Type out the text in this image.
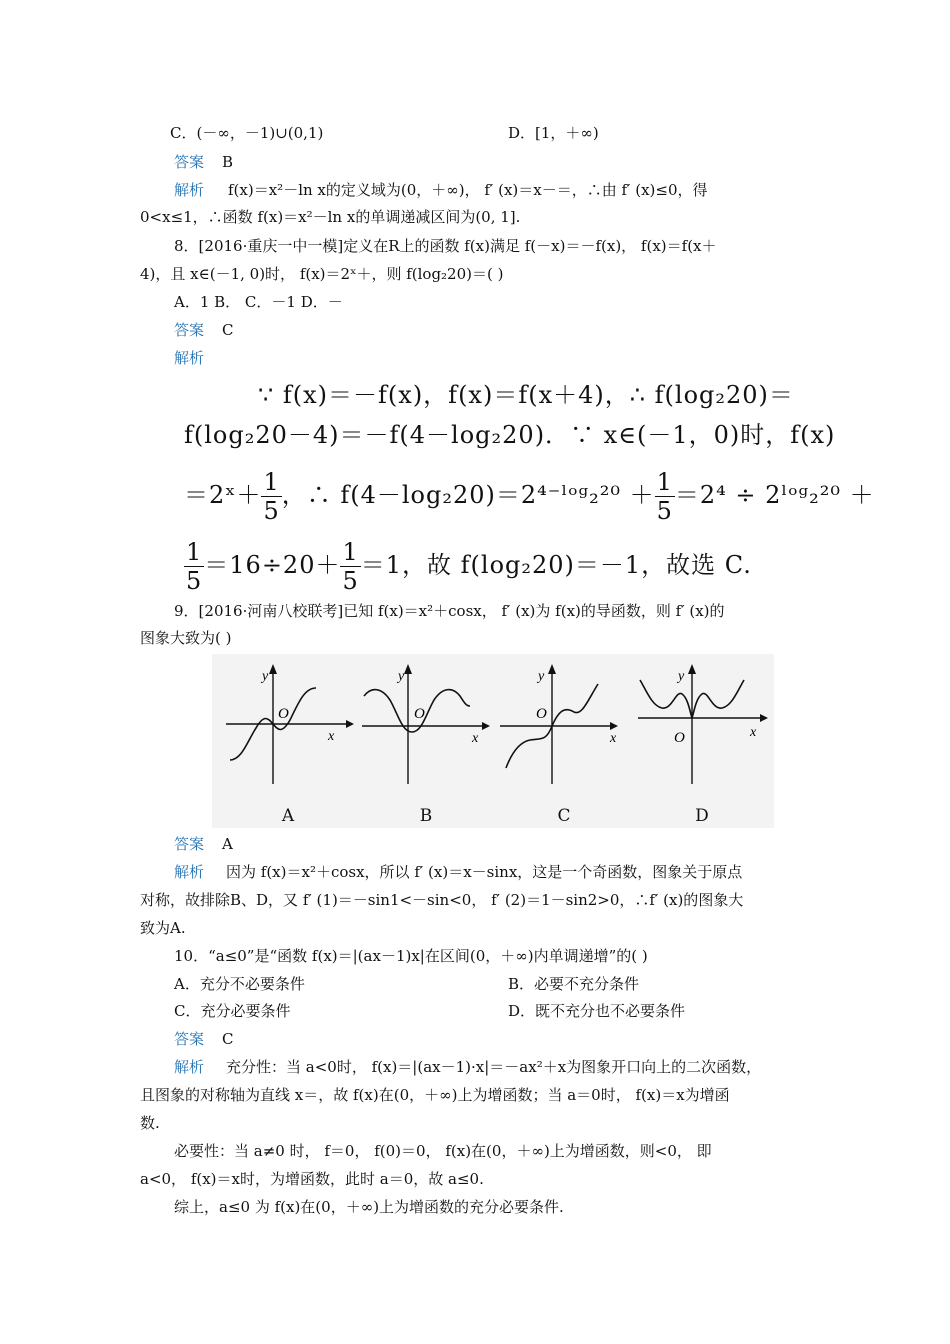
C．(－∞，－1)∪(0,1)	D．[1，＋∞)
答案 B
解析 f(x)＝x²－ln x的定义域为(0，＋∞)， f′ (x)＝x－＝，∴由 f′ (x)≤0，得
0<x≤1，∴函数 f(x)＝x²－ln x的单调递减区间为(0, 1].
8．[2016·重庆一中一模]定义在R上的函数 f(x)满足 f(－x)＝－f(x)， f(x)＝f(x＋
4)，且 x∈(－1, 0)时， f(x)＝2ˣ＋，则 f(log₂20)＝( )
A．1 B． C．－1 D．－
答案 C
解析
∵ f(x)＝－f(x)，f(x)＝f(x＋4)，∴ f(log₂20)＝
f(log₂20－4)＝－f(4－log₂20)．∵ x∈(－1，0)时，f(x)
＝2ˣ＋ $\frac{1}{5}$ ，∴ f(4－log₂20)＝2⁴⁻ˡᵒᵍ₂²⁰ ＋ $\frac{1}{5} =2^4$ ÷ 2ˡᵒᵍ₂²⁰ ＋
$\frac{1}{5} =16\div 20+ \frac{1}{5} =1$，故 f(log₂20)＝－1，故选 C.
9．[2016·河南八校联考]已知 f(x)＝x²＋cosx， f′ (x)为 f(x)的导函数，则 f′ (x)的
图象大致为( )
y
x
O
A
y
x
O
B
y
x
O
C
y
x
O
D
答案 A
解析 因为 f(x)＝x²＋cosx，所以 f′ (x)＝x－sinx，这是一个奇函数，图象关于原点
对称，故排除B、D，又 f′ (1)＝－sin1<－sin<0， f′ (2)＝1－sin2>0，∴f′ (x)的图象大
致为A.
10．“a≤0”是“函数 f(x)＝|(ax－1)x|在区间(0，＋∞)内单调递增”的( )
A．充分不必要条件	B．必要不充分条件
C．充分必要条件	D．既不充分也不必要条件
答案 C
解析 充分性：当 a<0时， f(x)＝|(ax－1)·x|＝－ax²＋x为图象开口向上的二次函数，
且图象的对称轴为直线 x＝，故 f(x)在(0，＋∞)上为增函数；当 a＝0时， f(x)＝x为增函
数.
必要性：当 a≠0 时， f＝0， f(0)＝0， f(x)在(0，＋∞)上为增函数，则<0， 即
a<0， f(x)＝x时，为增函数，此时 a＝0，故 a≤0.
综上，a≤0 为 f(x)在(0，＋∞)上为增函数的充分必要条件.
